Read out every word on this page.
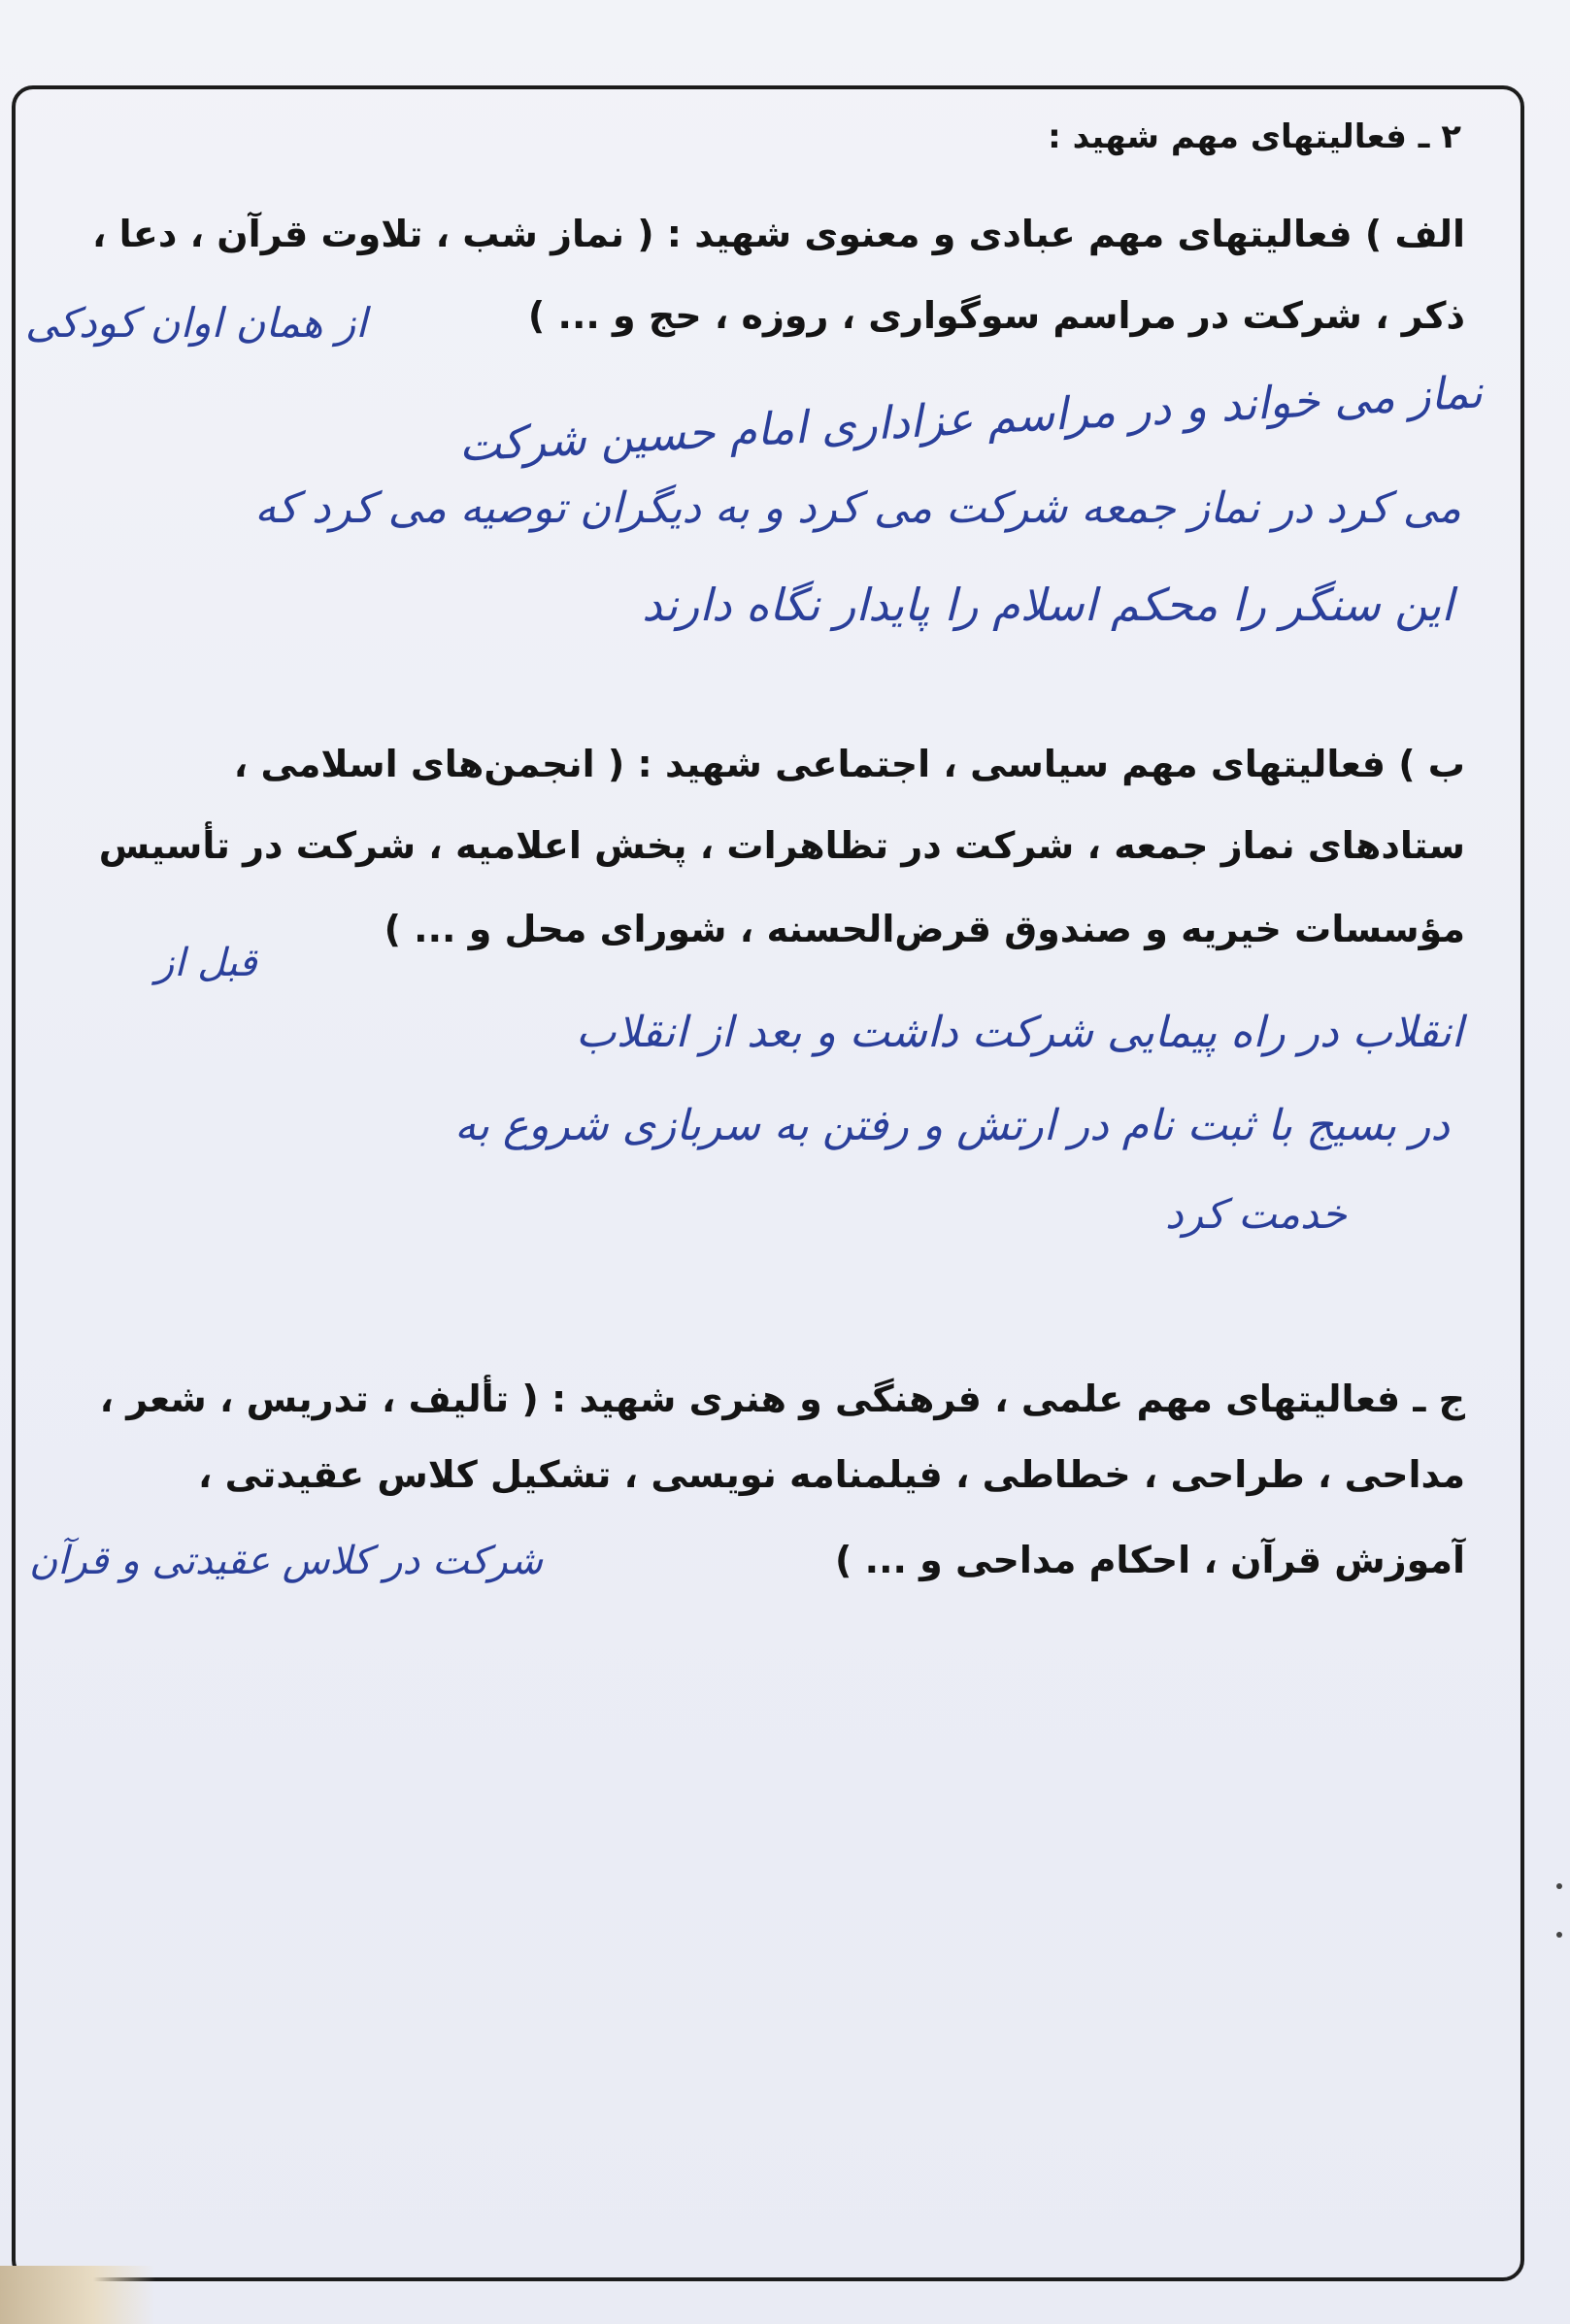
۲ ـ فعالیتهای مهم شهید :
الف ) فعالیتهای مهم عبادی و معنوی شهید : ( نماز شب ، تلاوت قرآن ، دعا ،
ذکر ، شرکت در مراسم سوگواری ، روزه ، حج و ... )
از همان اوان کودکی
نماز می خواند و در مراسم عزاداری امام حسین شرکت
می کرد در نماز جمعه شرکت می کرد و به دیگران توصیه می کرد که
این سنگر را محکم اسلام را پایدار نگاه دارند
ب ) فعالیتهای مهم سیاسی ، اجتماعی شهید : ( انجمن‌های اسلامی ،
ستادهای نماز جمعه ، شرکت در تظاهرات ، پخش اعلامیه ، شرکت در تأسیس
مؤسسات خیریه و صندوق قرض‌الحسنه ، شورای محل و ... )
قبل از
انقلاب در راه پیمایی شرکت داشت و بعد از انقلاب
در بسیج با ثبت نام در ارتش و رفتن به سربازی شروع به
خدمت کرد
ج ـ فعالیتهای مهم علمی ، فرهنگی و هنری شهید : ( تألیف ، تدریس ، شعر ،
مداحی ، طراحی ، خطاطی ، فیلمنامه نویسی ، تشکیل کلاس عقیدتی ،
آموزش قرآن ، احکام مداحی و ... )
شرکت در کلاس عقیدتی و قرآن
